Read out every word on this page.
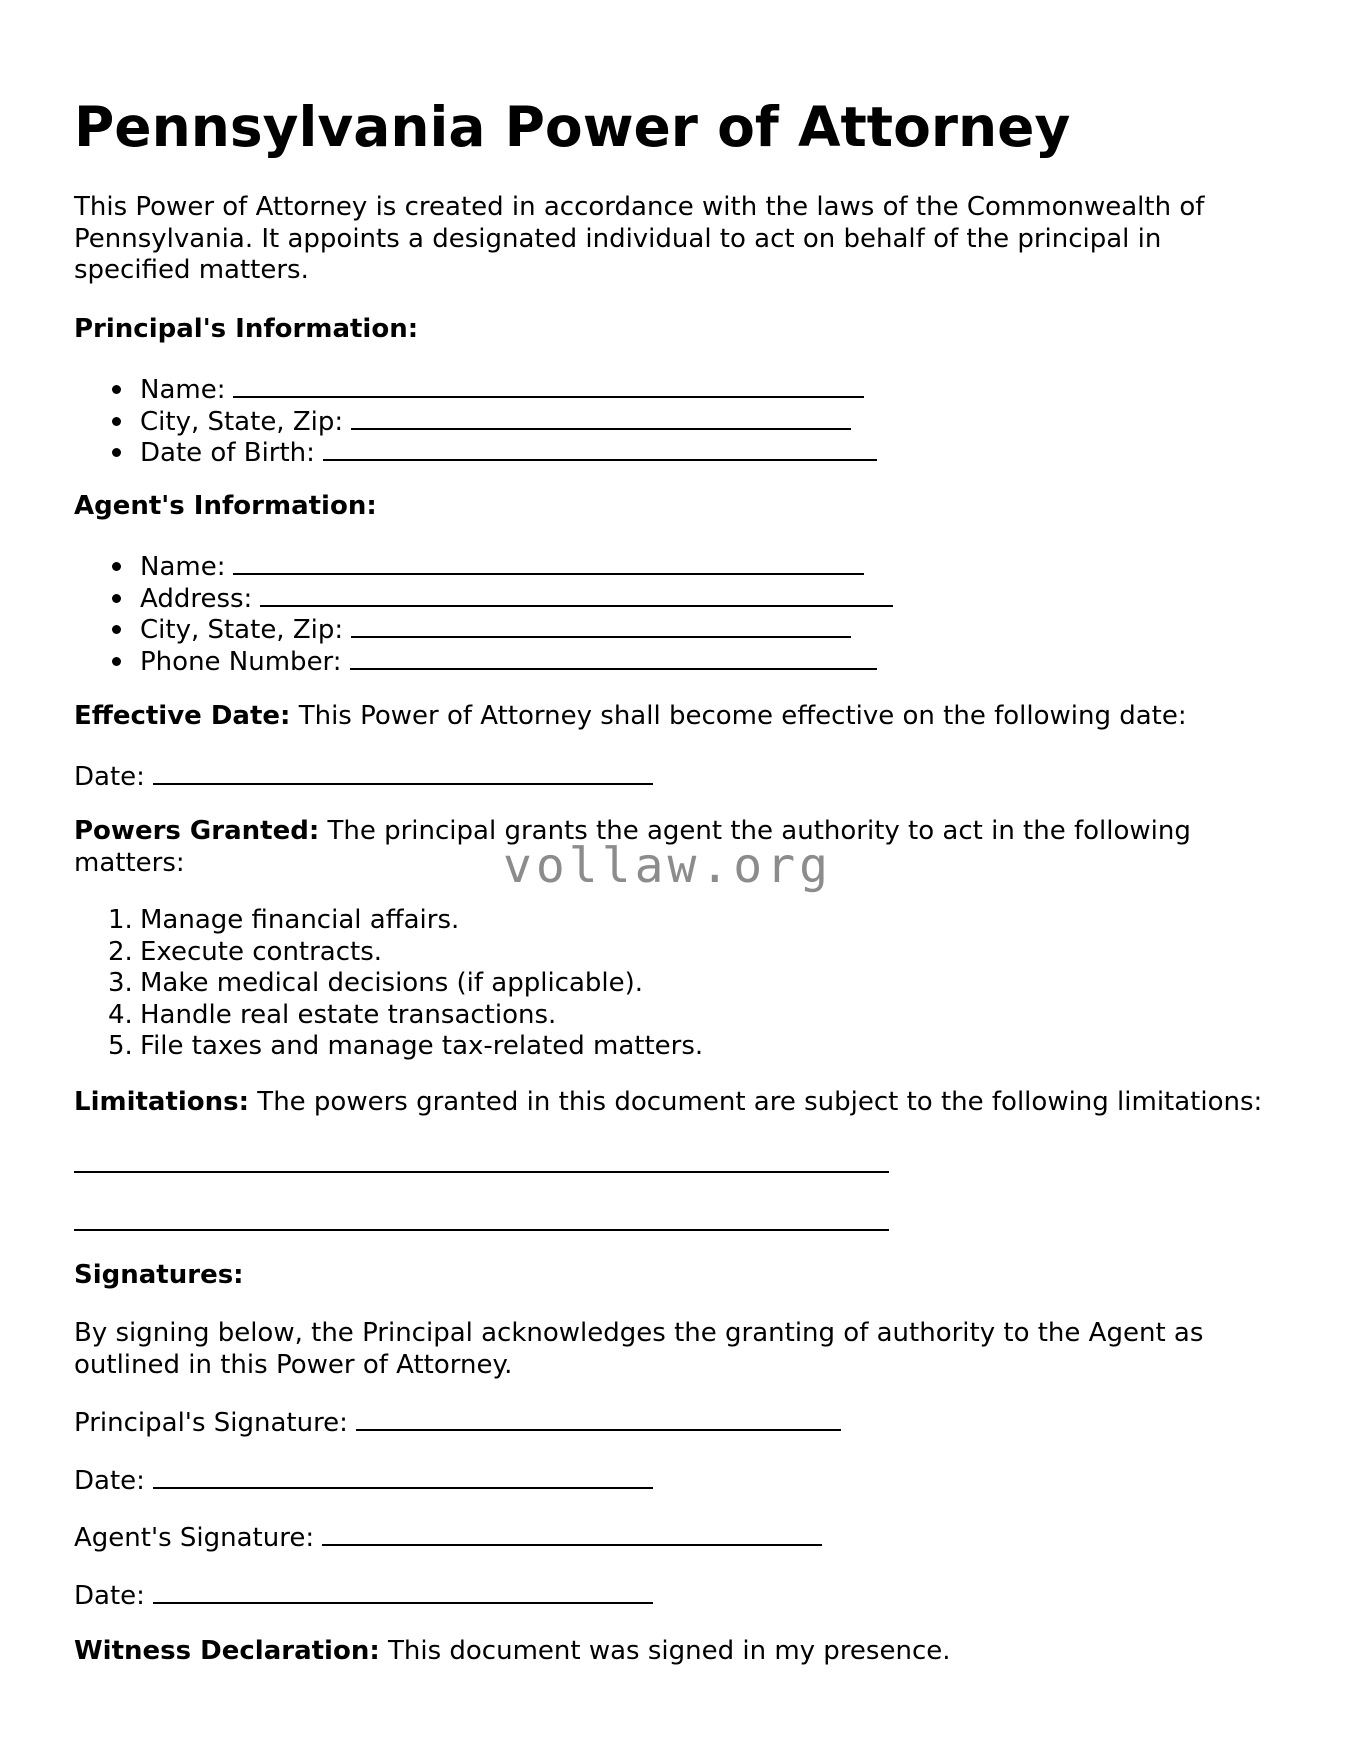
Pennsylvania Power of Attorney
This Power of Attorney is created in accordance with the laws of the Commonwealth of
Pennsylvania. It appoints a designated individual to act on behalf of the principal in
specified matters.
Principal's Information:
Name:
City, State, Zip:
Date of Birth:
Agent's Information:
Name:
Address:
City, State, Zip:
Phone Number:
Effective Date: This Power of Attorney shall become effective on the following date:
Date:
Powers Granted: The principal grants the agent the authority to act in the following
matters:
1. Manage financial affairs.
2. Execute contracts.
3. Make medical decisions (if applicable).
4. Handle real estate transactions.
5. File taxes and manage tax-related matters.
Limitations: The powers granted in this document are subject to the following limitations:
Signatures:
By signing below, the Principal acknowledges the granting of authority to the Agent as
outlined in this Power of Attorney.
Principal's Signature:
Date:
Agent's Signature:
Date:
Witness Declaration: This document was signed in my presence.
vollaw.org
